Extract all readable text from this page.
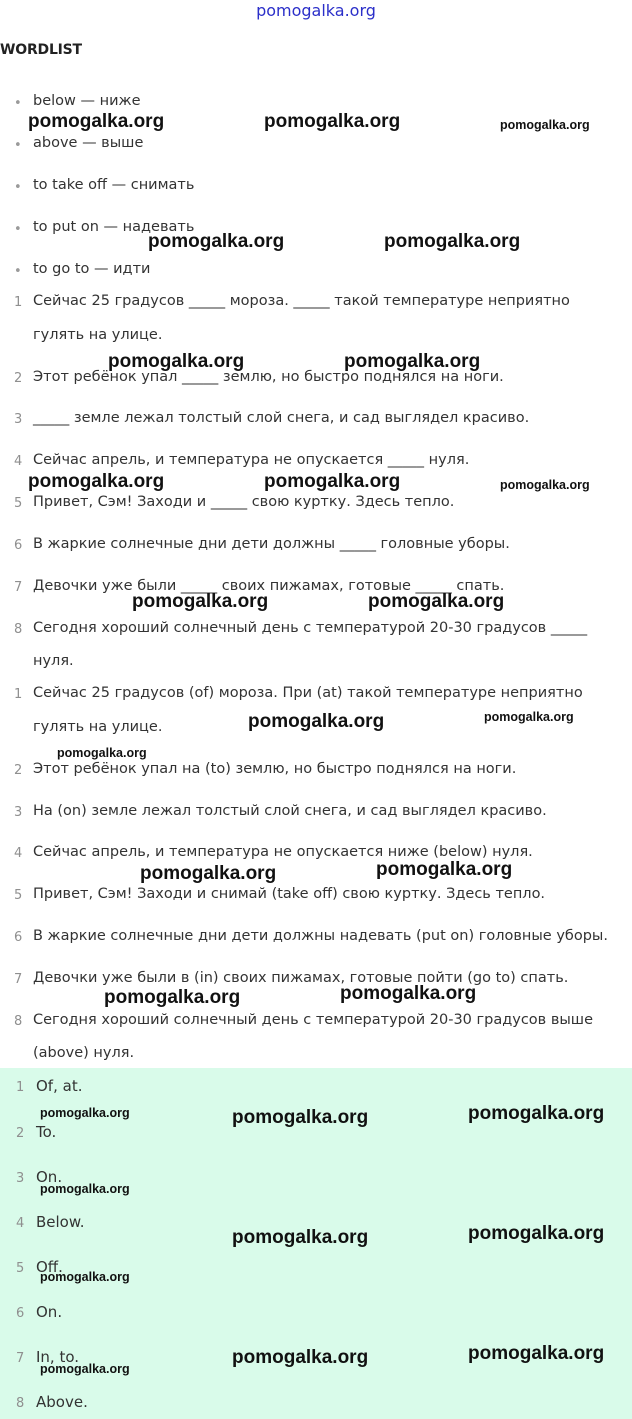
pomogalka.org
WORDLIST
• below — ниже
• above — выше
• to take off — снимать
• to put on — надевать
• to go to — идти
1 Сейчас 25 градусов _____ мороза. _____ такой температуре неприятно
гулять на улице.
2 Этот ребёнок упал _____ землю, но быстро поднялся на ноги.
3 _____ земле лежал толстый слой снега, и сад выглядел красиво.
4 Сейчас апрель, и температура не опускается _____ нуля.
5 Привет, Сэм! Заходи и _____ свою куртку. Здесь тепло.
6 В жаркие солнечные дни дети должны _____ головные уборы.
7 Девочки уже были _____ своих пижамах, готовые _____ спать.
8 Сегодня хороший солнечный день с температурой 20-30 градусов _____
нуля.
1 Сейчас 25 градусов (of) мороза. При (at) такой температуре неприятно
гулять на улице.
2 Этот ребёнок упал на (to) землю, но быстро поднялся на ноги.
3 На (on) земле лежал толстый слой снега, и сад выглядел красиво.
4 Сейчас апрель, и температура не опускается ниже (below) нуля.
5 Привет, Сэм! Заходи и снимай (take off) свою куртку. Здесь тепло.
6 В жаркие солнечные дни дети должны надевать (put on) головные уборы.
7 Девочки уже были в (in) своих пижамах, готовые пойти (go to) спать.
8 Сегодня хороший солнечный день с температурой 20-30 градусов выше
(above) нуля.
1 Of, at.
2 To.
3 On.
4 Below.
5 Off.
6 On.
7 In, to.
8 Above.
pomogalka.org	pomogalka.org	pomogalka.org
pomogalka.org	pomogalka.org
pomogalka.org	pomogalka.org
pomogalka.org	pomogalka.org	pomogalka.org
pomogalka.org	pomogalka.org
pomogalka.org	pomogalka.org
pomogalka.org
pomogalka.org	pomogalka.org
pomogalka.org	pomogalka.org
pomogalka.org	pomogalka.org	pomogalka.org
pomogalka.org
pomogalka.org	pomogalka.org
pomogalka.org
pomogalka.org	pomogalka.org
pomogalka.org
